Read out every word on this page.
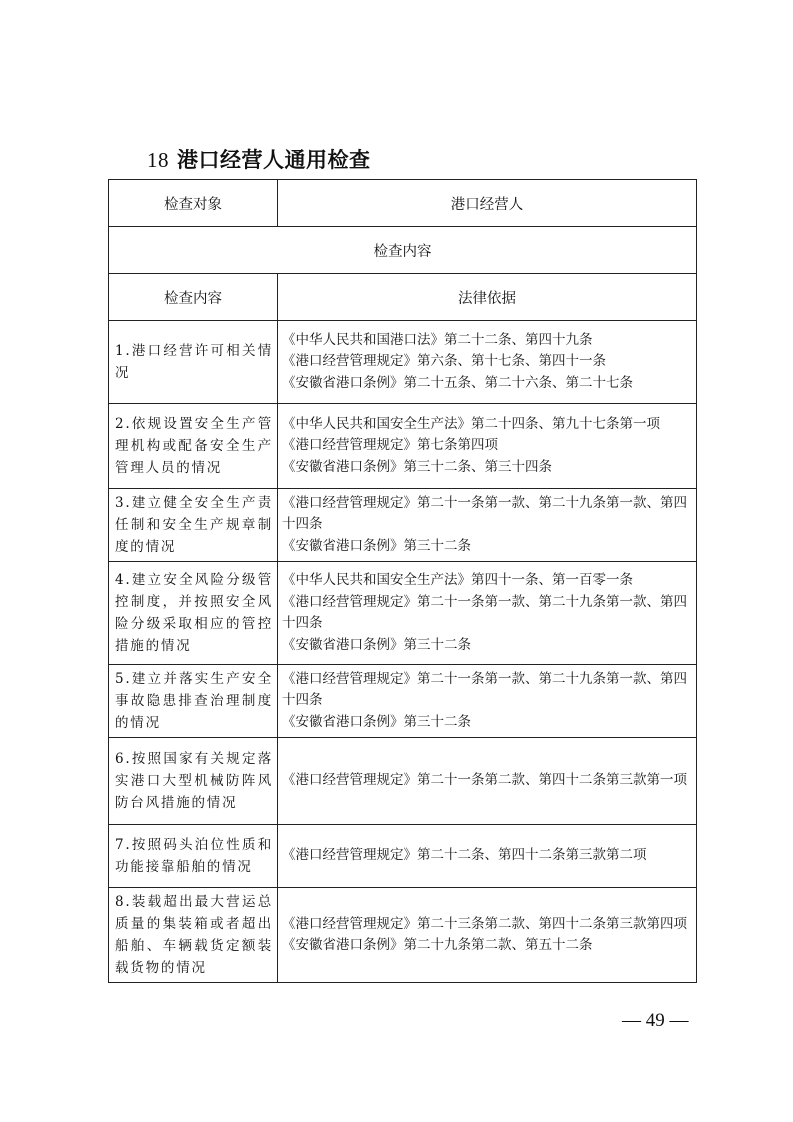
18 港口经营人通用检查
检查对象	港口经营人
检查内容	
检查内容	法律依据
1.港口经营许可相关情况	《中华人民共和国港口法》第二十二条、第四十九条
《港口经营管理规定》第六条、第十七条、第四十一条
《安徽省港口条例》第二十五条、第二十六条、第二十七条

2.依规设置安全生产管理机构或配备安全生产管理人员的情况	《中华人民共和国安全生产法》第二十四条、第九十七条第一项
《港口经营管理规定》第七条第四项
《安徽省港口条例》第三十二条、第三十四条

3.建立健全安全生产责任制和安全生产规章制度的情况	《港口经营管理规定》第二十一条第一款、第二十九条第一款、第四十四条
《安徽省港口条例》第三十二条

4.建立安全风险分级管控制度，并按照安全风险分级采取相应的管控措施的情况	《中华人民共和国安全生产法》第四十一条、第一百零一条
《港口经营管理规定》第二十一条第一款、第二十九条第一款、第四十四条
《安徽省港口条例》第三十二条

5.建立并落实生产安全事故隐患排查治理制度的情况	《港口经营管理规定》第二十一条第一款、第二十九条第一款、第四十四条
《安徽省港口条例》第三十二条

6.按照国家有关规定落实港口大型机械防阵风防台风措施的情况	《港口经营管理规定》第二十一条第二款、第四十二条第三款第一项

7.按照码头泊位性质和功能接靠船舶的情况	《港口经营管理规定》第二十二条、第四十二条第三款第二项

8.装载超出最大营运总质量的集装箱或者超出船舶、车辆载货定额装载货物的情况	《港口经营管理规定》第二十三条第二款、第四十二条第三款第四项
《安徽省港口条例》第二十九条第二款、第五十二条
— 49 —
